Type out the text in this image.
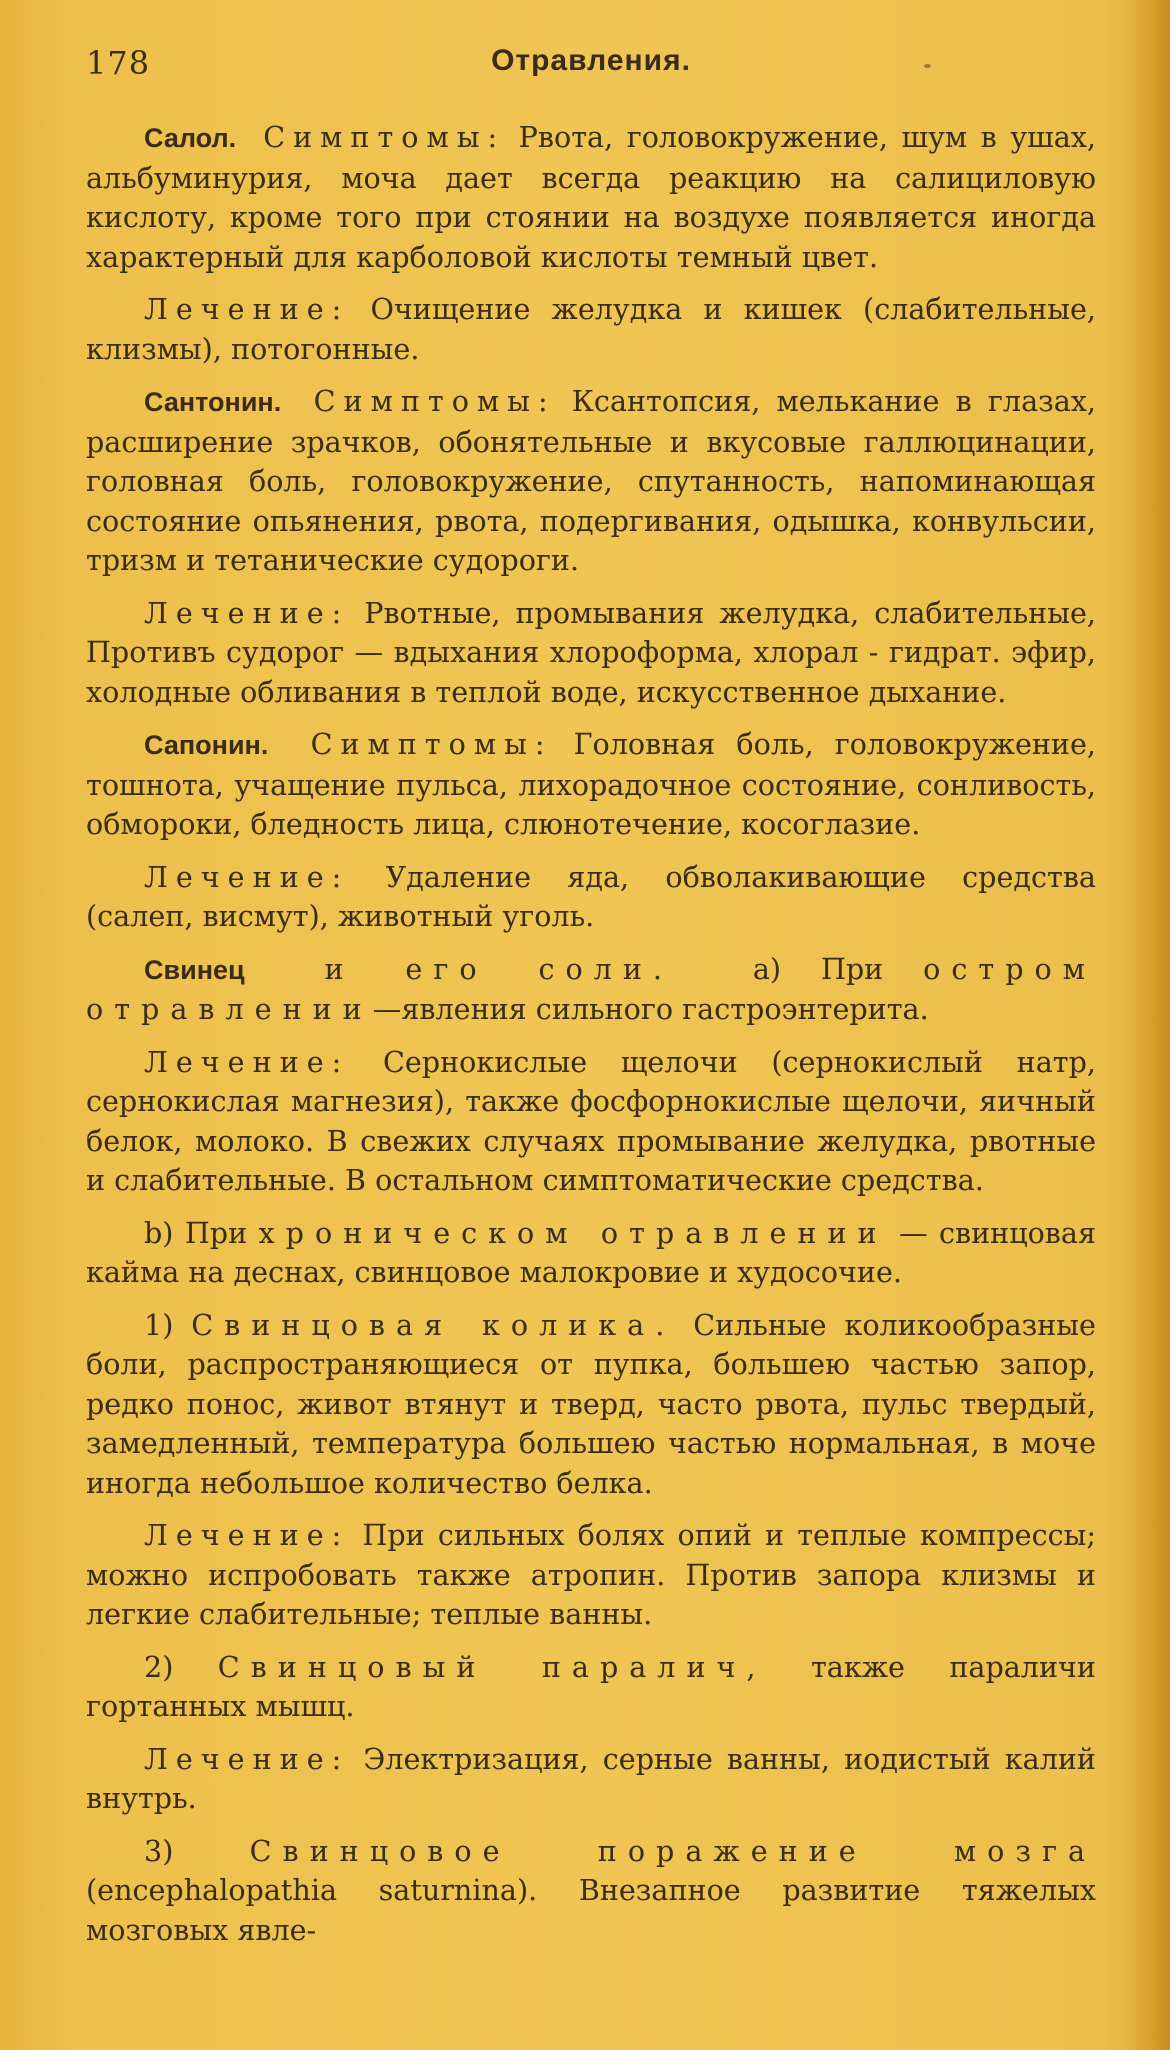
178	Отравления.

Салол. Симптомы: Рвота, головокружение, шум в ушах, альбуминурия, моча дает всегда реакцию на салициловую кислоту, кроме того при стоянии на воздухе появляется иногда характерный для карболовой кислоты темный цвет.

Лечение: Очищение желудка и кишек (слабительные, клизмы), потогонные.

Сантонин. Симптомы: Ксантопсия, мелькание в глазах, расширение зрачков, обонятельные и вкусовые галлюцинации, головная боль, головокружение, спутанность, напоминающая состояние опьянения, рвота, подергивания, одышка, конвульсии, тризм и тетанические судороги.

Лечение: Рвотные, промывания желудка, слабительные, Противъ судорог — вдыхания хлороформа, хлорал - гидрат. эфир, холодные обливания в теплой воде, искусственное дыхание.

Сапонин. Симптомы: Головная боль, головокружение, тошнота, учащение пульса, лихорадочное состояние, сонливость, обмороки, бледность лица, слюнотечение, косоглазие.

Лечение: Удаление яда, обволакивающие средства (салеп, висмут), животный уголь.

Свинец	и его соли.	a) При остром отравлении—явления сильного гастроэнтерита.

Лечение: Сернокислые щелочи (сернокислый натр, сернокислая магнезия), также фосфорнокислые щелочи, яичный белок, молоко. В свежих случаях промывание желудка, рвотные и слабительные. В остальном симптоматические средства.

b) При хроническом отравлении — свинцовая кайма на деснах, свинцовое малокровие и худосочие.

1) Свинцовая колика. Сильные коликообразные боли, распространяющиеся от пупка, большею частью запор, редко понос, живот втянут и тверд, часто рвота, пульс твердый, замедленный, температура большею частью нормальная, в моче иногда небольшое количество белка.

Лечение: При сильных болях опий и теплые компрессы; можно испробовать также атропин. Против запора клизмы и легкие слабительные; теплые ванны.

2) Свинцовый паралич, также параличи гортанных мышц.

Лечение: Электризация, серные ванны, иодистый калий внутрь.

3)	Свинцовое поражение мозга (encephalopathia saturnina). Внезапное развитие тяжелых мозговых явле-
